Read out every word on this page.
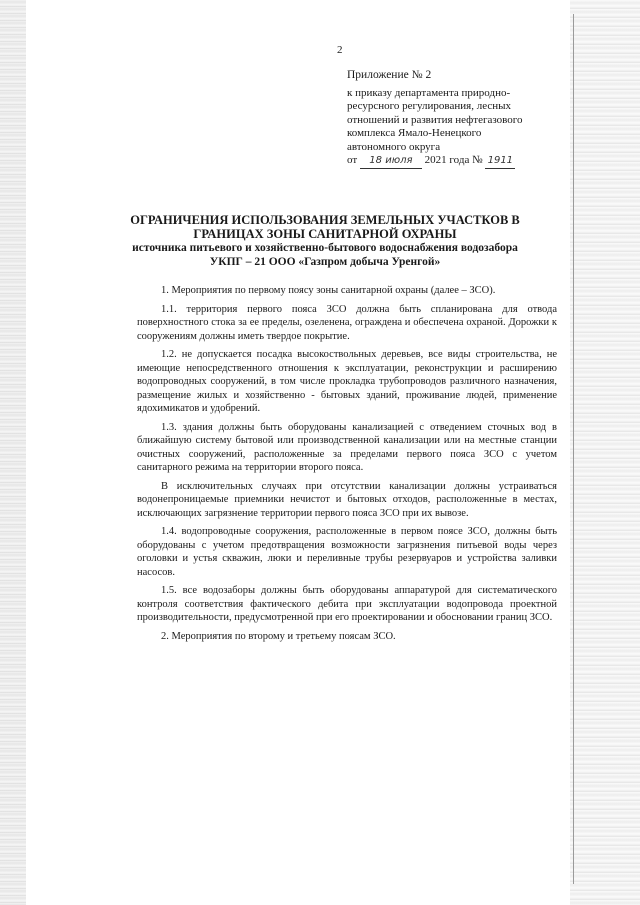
2
Приложение № 2
к приказу департамента природно-
ресурсного регулирования, лесных
отношений и развития нефтегазового
комплекса Ямало-Ненецкого
автономного округа
от 18 июля 2021 года № 1911
ОГРАНИЧЕНИЯ ИСПОЛЬЗОВАНИЯ ЗЕМЕЛЬНЫХ УЧАСТКОВ В
ГРАНИЦАХ ЗОНЫ САНИТАРНОЙ ОХРАНЫ
источника питьевого и хозяйственно-бытового водоснабжения водозабора
УКПГ – 21 ООО «Газпром добыча Уренгой»

1. Мероприятия по первому поясу зоны санитарной охраны (далее – ЗСО).

1.1. территория первого пояса ЗСО должна быть спланирована для отвода поверхностного стока за ее пределы, озеленена, ограждена и обеспечена охраной. Дорожки к сооружениям должны иметь твердое покрытие.

1.2. не допускается посадка высокоствольных деревьев, все виды строительства, не имеющие непосредственного отношения к эксплуатации, реконструкции и расширению водопроводных сооружений, в том числе прокладка трубопроводов различного назначения, размещение жилых и хозяйственно - бытовых зданий, проживание людей, применение ядохимикатов и удобрений.

1.3. здания должны быть оборудованы канализацией с отведением сточных вод в ближайшую систему бытовой или производственной канализации или на местные станции очистных сооружений, расположенные за пределами первого пояса ЗСО с учетом санитарного режима на территории второго пояса.

В исключительных случаях при отсутствии канализации должны устраиваться водонепроницаемые приемники нечистот и бытовых отходов, расположенные в местах, исключающих загрязнение территории первого пояса ЗСО при их вывозе.

1.4. водопроводные сооружения, расположенные в первом поясе ЗСО, должны быть оборудованы с учетом предотвращения возможности загрязнения питьевой воды через оголовки и устья скважин, люки и переливные трубы резервуаров и устройства заливки насосов.

1.5. все водозаборы должны быть оборудованы аппаратурой для систематического контроля соответствия фактического дебита при эксплуатации водопровода проектной производительности, предусмотренной при его проектировании и обосновании границ ЗСО.

2. Мероприятия по второму и третьему поясам ЗСО.
